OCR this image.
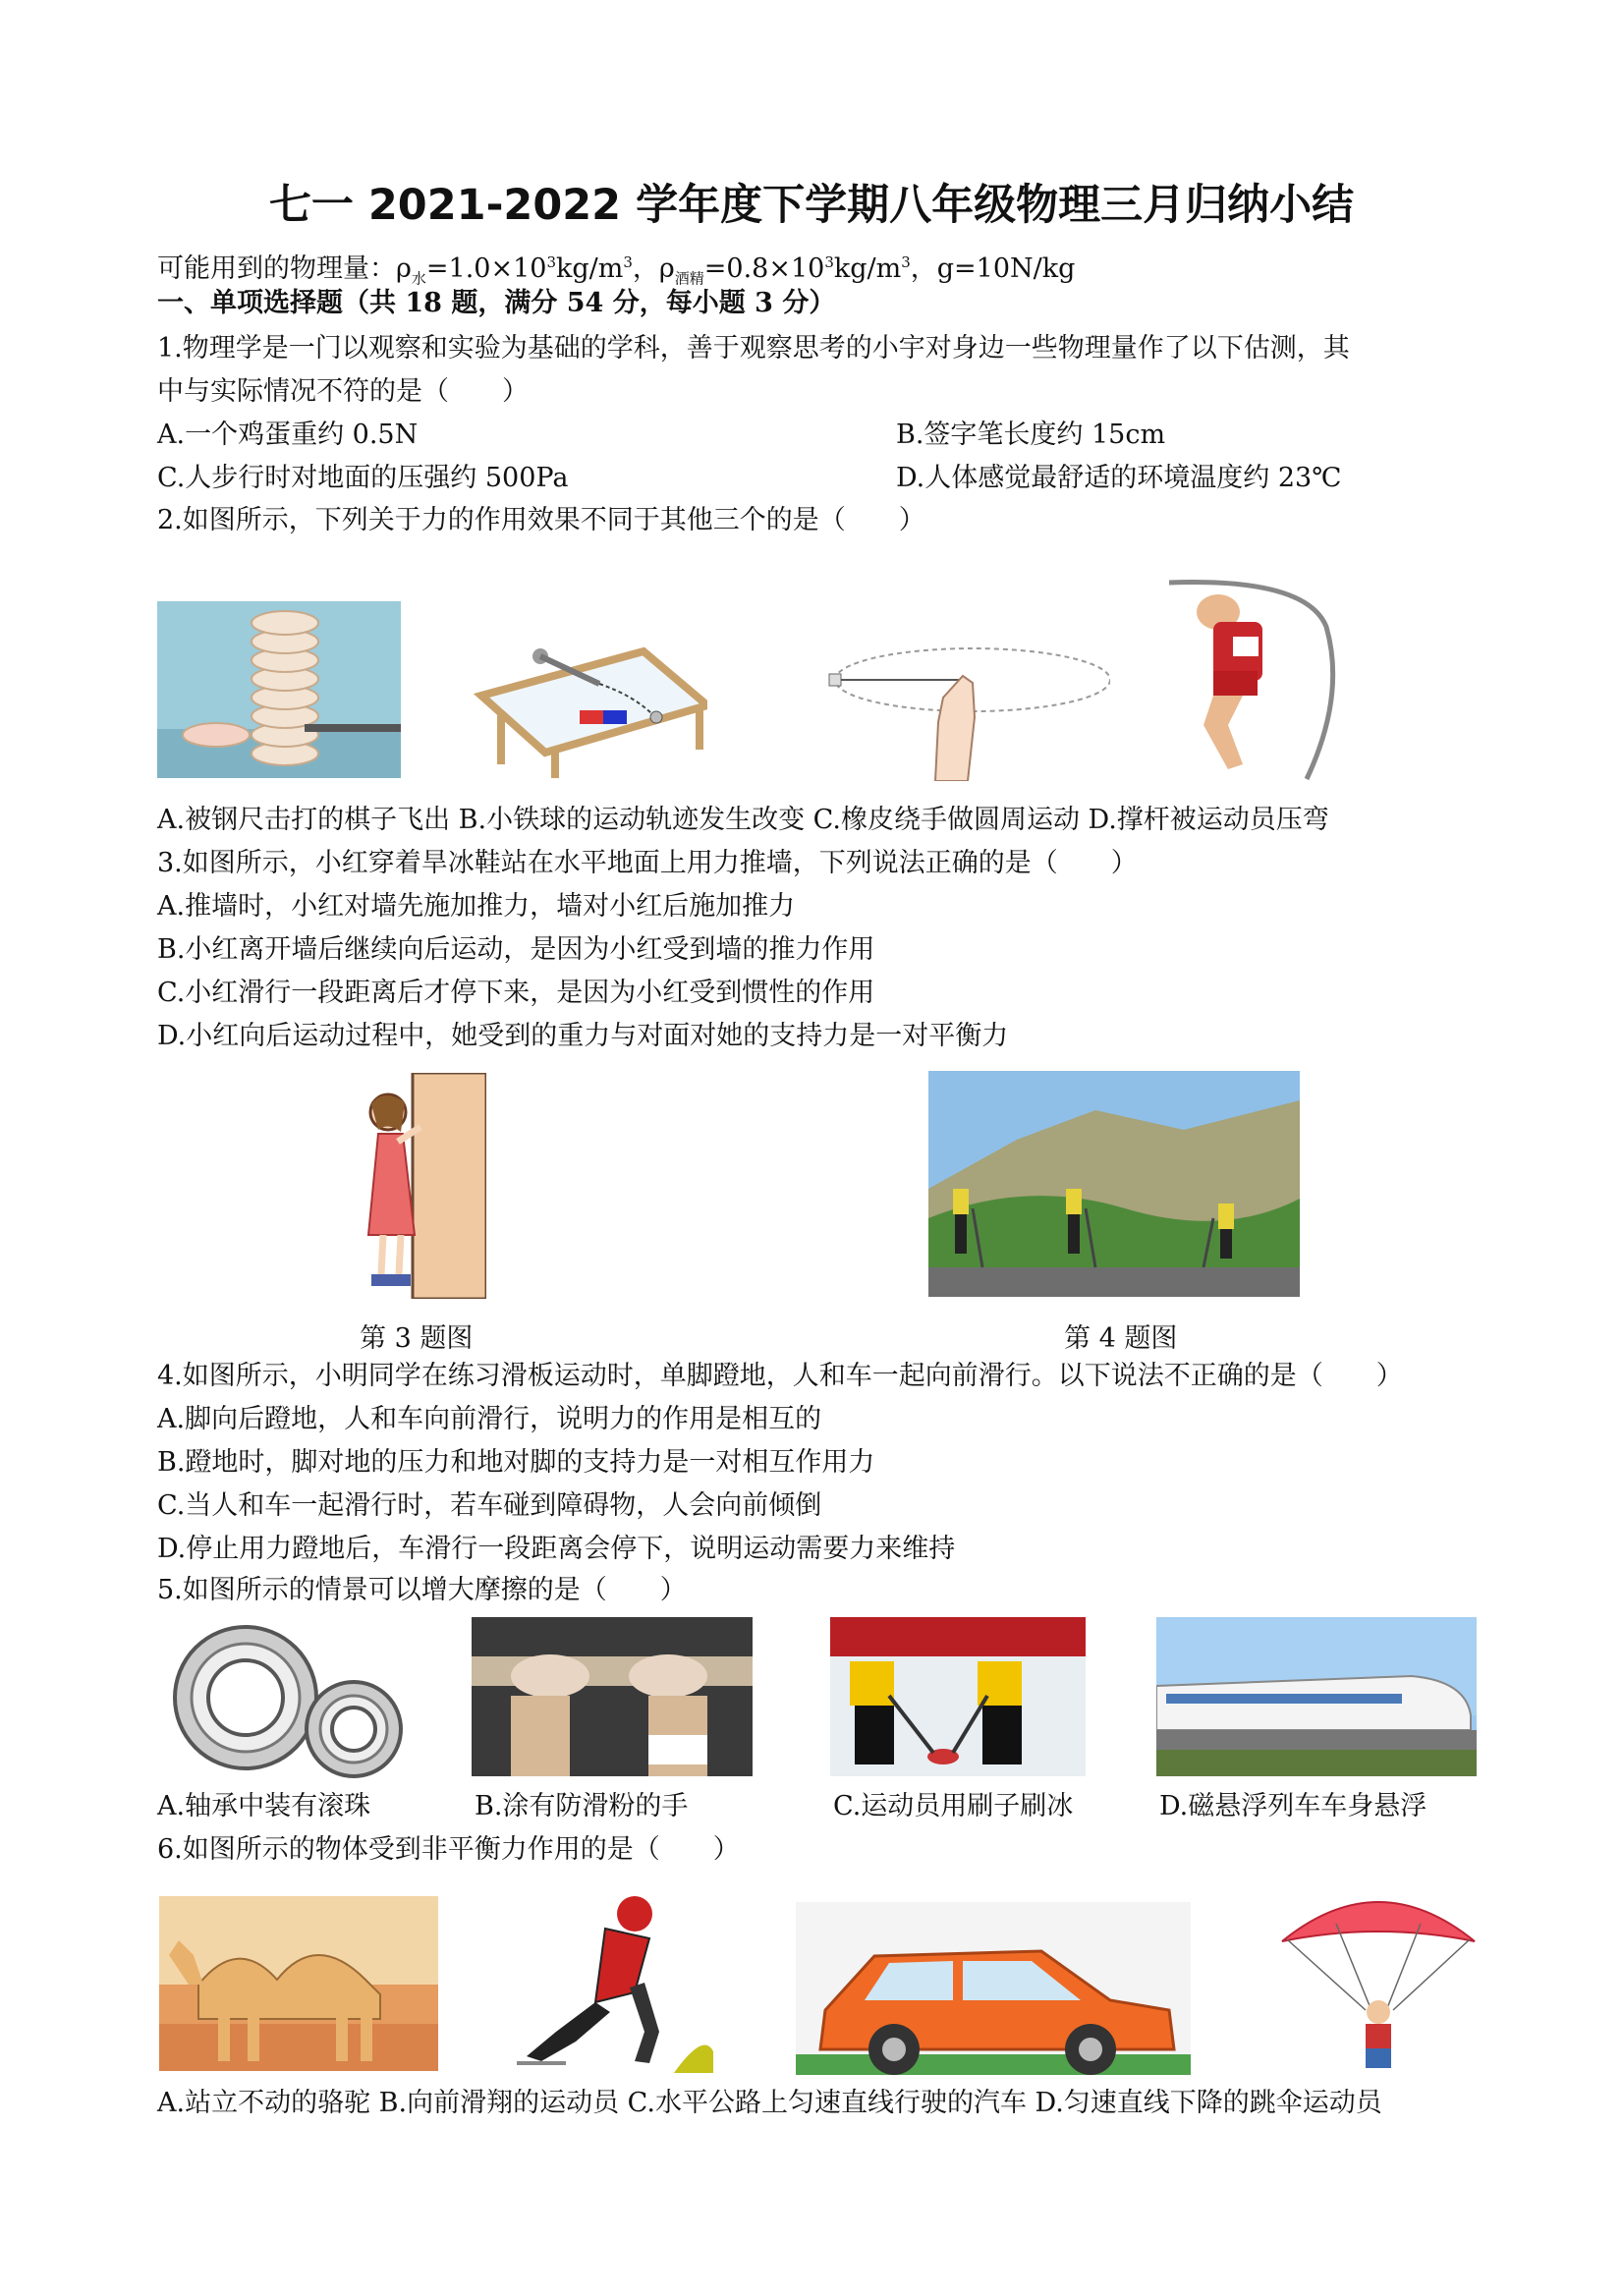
七一 2021-2022 学年度下学期八年级物理三月归纳小结
可能用到的物理量：$\rho_水=1.0\times 10^3kg/m^3$，$\rho_{酒精}=0.8\times 10^3kg/m^3$，g=10N/kg
一、单项选择题（共 18 题，满分 54 分，每小题 3 分）
1.物理学是一门以观察和实验为基础的学科，善于观察思考的小宇对身边一些物理量作了以下估测，其
中与实际情况不符的是（　　）
A.一个鸡蛋重约 0.5N	B.签字笔长度约 15cm
C.人步行时对地面的压强约 500Pa	D.人体感觉最舒适的环境温度约 23℃
2.如图所示，下列关于力的作用效果不同于其他三个的是（　　）
A.被钢尺击打的棋子飞出 B.小铁球的运动轨迹发生改变 C.橡皮绕手做圆周运动 D.撑杆被运动员压弯
3.如图所示，小红穿着旱冰鞋站在水平地面上用力推墙，下列说法正确的是（　　）
A.推墙时，小红对墙先施加推力，墙对小红后施加推力
B.小红离开墙后继续向后运动，是因为小红受到墙的推力作用
C.小红滑行一段距离后才停下来，是因为小红受到惯性的作用
D.小红向后运动过程中，她受到的重力与对面对她的支持力是一对平衡力
第 3 题图	第 4 题图
4.如图所示，小明同学在练习滑板运动时，单脚蹬地，人和车一起向前滑行。以下说法不正确的是（　　）
A.脚向后蹬地，人和车向前滑行，说明力的作用是相互的
B.蹬地时，脚对地的压力和地对脚的支持力是一对相互作用力
C.当人和车一起滑行时，若车碰到障碍物，人会向前倾倒
D.停止用力蹬地后，车滑行一段距离会停下，说明运动需要力来维持
5.如图所示的情景可以增大摩擦的是（　　）
A.轴承中装有滚珠	B.涂有防滑粉的手	C.运动员用刷子刷冰	D.磁悬浮列车车身悬浮
6.如图所示的物体受到非平衡力作用的是（　　）
A.站立不动的骆驼 B.向前滑翔的运动员 C.水平公路上匀速直线行驶的汽车 D.匀速直线下降的跳伞运动员
